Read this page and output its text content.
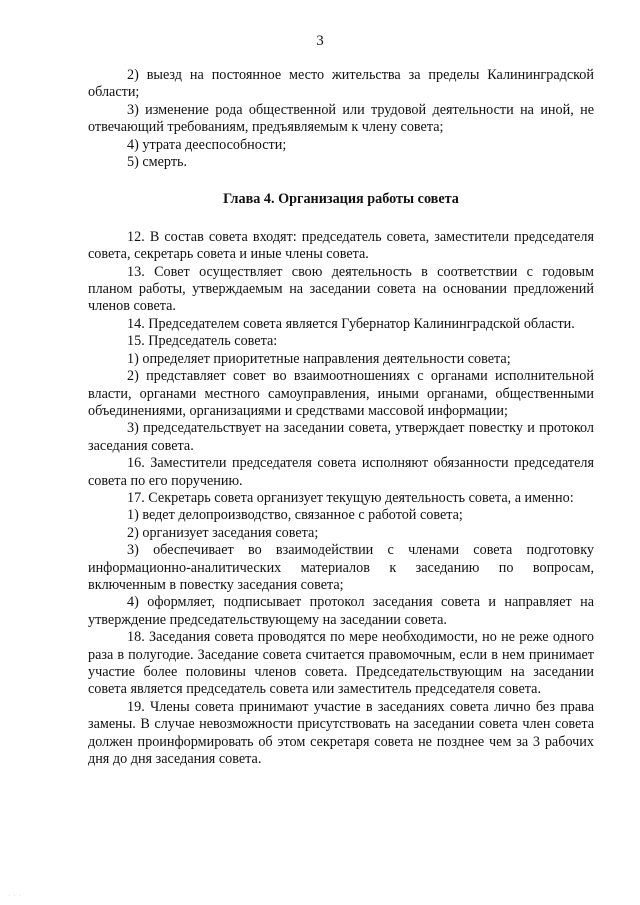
3

2) выезд на постоянное место жительства за пределы Калининградской области;

3) изменение рода общественной или трудовой деятельности на иной, не отвечающий требованиям, предъявляемым к члену совета;

4) утрата дееспособности;

5) смерть.

Глава 4. Организация работы совета

12. В состав совета входят: председатель совета, заместители председателя совета, секретарь совета и иные члены совета.

13. Совет осуществляет свою деятельность в соответствии с годовым планом работы, утверждаемым на заседании совета на основании предложений членов совета.

14. Председателем совета является Губернатор Калининградской области.

15. Председатель совета:

1) определяет приоритетные направления деятельности совета;

2) представляет совет во взаимоотношениях с органами исполнительной власти, органами местного самоуправления, иными органами, общественными объединениями, организациями и средствами массовой информации;

3) председательствует на заседании совета, утверждает повестку и протокол заседания совета.

16. Заместители председателя совета исполняют обязанности председателя совета по его поручению.

17. Секретарь совета организует текущую деятельность совета, а именно:

1) ведет делопроизводство, связанное с работой совета;

2) организует заседания совета;

3) обеспечивает во взаимодействии с членами совета подготовку информационно-аналитических материалов к заседанию по вопросам, включенным в повестку заседания совета;

4) оформляет, подписывает протокол заседания совета и направляет на утверждение председательствующему на заседании совета.

18. Заседания совета проводятся по мере необходимости, но не реже одного раза в полугодие. Заседание совета считается правомочным, если в нем принимает участие более половины членов совета. Председательствующим на заседании совета является председатель совета или заместитель председателя совета.

19. Члены совета принимают участие в заседаниях совета лично без права замены. В случае невозможности присутствовать на заседании совета член совета должен проинформировать об этом секретаря совета не позднее чем за 3 рабочих дня до дня заседания совета.

· · ·
